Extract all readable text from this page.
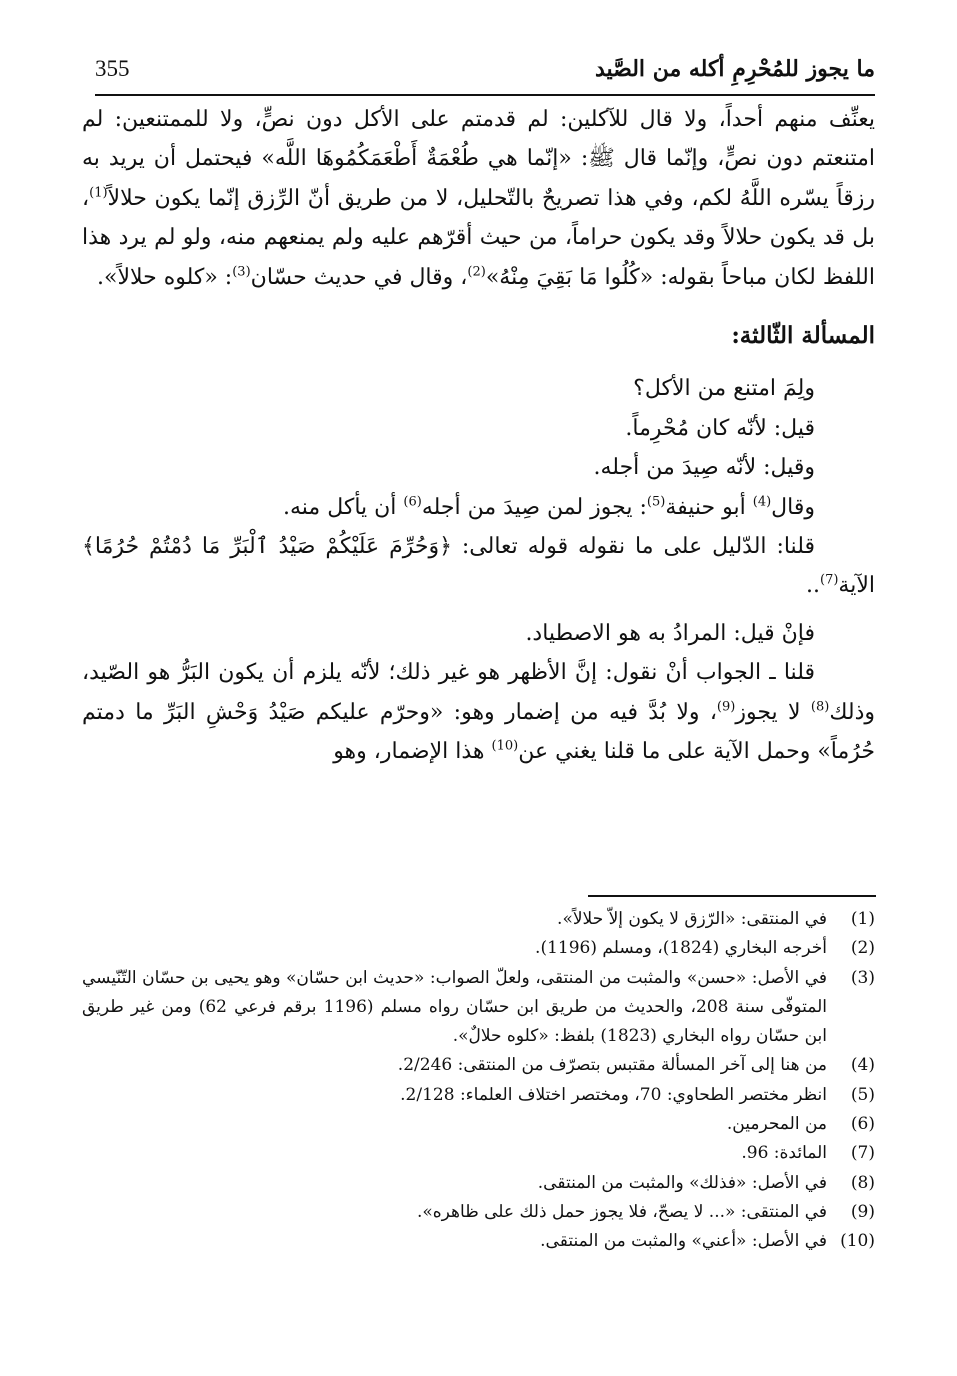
ما يجوز للمُحْرِمِ أكله من الصَّيد
355

يعنِّف منهم أحداً، ولا قال للآكلين: لم قدمتم على الأكل دون نصٍّ، ولا للممتنعين: لم امتنعتم دون نصٍّ، وإنّما قال ﷺ: «إنّما هي طُعْمَةٌ أَطْعَمَكُمُوهَا اللَّه» فيحتمل أن يريد به رزقاً يسّره اللَّهُ لكم، وفي هذا تصريحٌ بالتّحليل، لا من طريق أنّ الرِّزق إنّما يكون حلالاً$^{(1)}$، بل قد يكون حلالاً وقد يكون حراماً، من حيث أقرّهم عليه ولم يمنعهم منه، ولو لم يرد هذا اللفظ لكان مباحاً بقوله: «كُلُوا مَا بَقِيَ مِنْهُ»$^{(2)}$، وقال في حديث حسّان$^{(3)}$: «كلوه حلالاً».

المسألة الثّالثة:

ولِمَ امتنع من الأكل؟

قيل: لأنّه كان مُحْرِماً.

وقيل: لأنّه صِيدَ من أجله.

وقال$^{(4)}$ أبو حنيفة$^{(5)}$: يجوز لمن صِيدَ من أجله$^{(6)}$ أن يأكل منه.

قلنا: الدّليل على ما نقوله قوله تعالى: ﴿وَحُرِّمَ عَلَيْكُمْ صَيْدُ ٱلْبَرِّ مَا دُمْتُمْ حُرُمًا﴾ الآية$^{(7)}$..

فإنْ قيل: المرادُ به هو الاصطياد.

قلنا ـ الجواب أنْ نقول: إنَّ الأظهر هو غير ذلك؛ لأنّه يلزم أن يكون البَرُّ هو الصّيد، وذلك$^{(8)}$ لا يجوز$^{(9)}$، ولا بُدَّ فيه من إضمار وهو: «وحرّم عليكم صَيْدُ وَحْشِ البَرِّ ما دمتم حُرُماً» وحمل الآية على ما قلنا يغني عن$^{(10)}$ هذا الإضمار، وهو

(1)
في المنتقى: «الرّزق لا يكون إلاّ حلالاً».
(2)
أخرجه البخاري (1824)، ومسلم (1196).
(3)
في الأصل: «حسن» والمثبت من المنتقى، ولعلّ الصواب: «حديث ابن حسّان» وهو يحيى بن حسّان التّنّيسي المتوفّى سنة 208، والحديث من طريق ابن حسّان رواه مسلم (1196 برقم فرعي 62) ومن غير طريق ابن حسّان رواه البخاري (1823) بلفظ: «كلوه حلالٌ».
(4)
من هنا إلى آخر المسألة مقتبس بتصرّف من المنتقى: 2/246.
(5)
انظر مختصر الطحاوي: 70، ومختصر اختلاف العلماء: 2/128.
(6)
من المحرمين.
(7)
المائدة: 96.
(8)
في الأصل: «فذلك» والمثبت من المنتقى.
(9)
في المنتقى: «... لا يصحّ، فلا يجوز حمل ذلك على ظاهره».
(10)
في الأصل: «أعني» والمثبت من المنتقى.
